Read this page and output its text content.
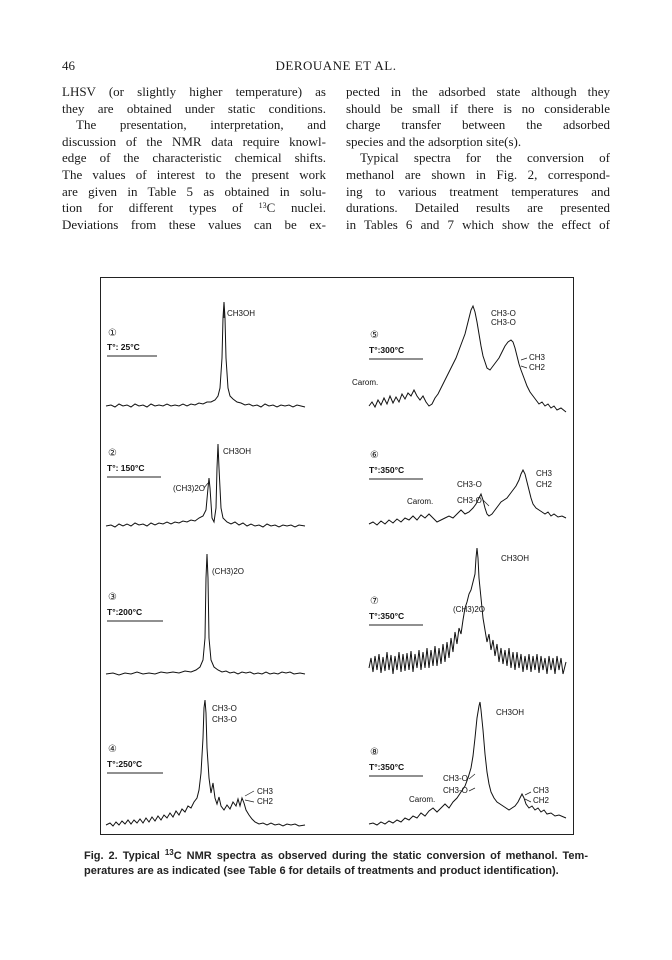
46	DEROUANE ET AL.
LHSV (or slightly higher temperature) as
they are obtained under static conditions.
The presentation, interpretation, and
discussion of the NMR data require knowl-
edge of the characteristic chemical shifts.
The values of interest to the present work
are given in Table 5 as obtained in solu-
tion for different types of $^{13}$C nuclei.
Deviations from these values can be ex-
pected in the adsorbed state although they
should be small if there is no considerable
charge transfer between the adsorbed
species and the adsorption site(s).
Typical spectra for the conversion of
methanol are shown in Fig. 2, correspond-
ing to various treatment temperatures and
durations. Detailed results are presented
in Tables 6 and 7 which show the effect of
①
T°: 25°C
CH3OH
②
T°: 150°C
CH3OH
(CH3)2O
③
T°:200°C
(CH3)2O
④
T°:250°C
CH3-O
CH3-O
CH3
CH2
⑤
T°:300°C
CH3-O
CH3-O
CH3
CH2
Carom.
⑥
T°:350°C	CH3
CH2
CH3-O
CH3-O
Carom.
⑦
T°:350°C
CH3OH
(CH3)2O
⑧
T°:350°C
CH3OH
CH3-O
CH3-O	CH3
CH2
Carom.
Fig. 2. Typical $^{13}$C NMR spectra as observed during the static conversion of methanol. Tem-
peratures are as indicated (see Table 6 for details of treatments and product identification).
